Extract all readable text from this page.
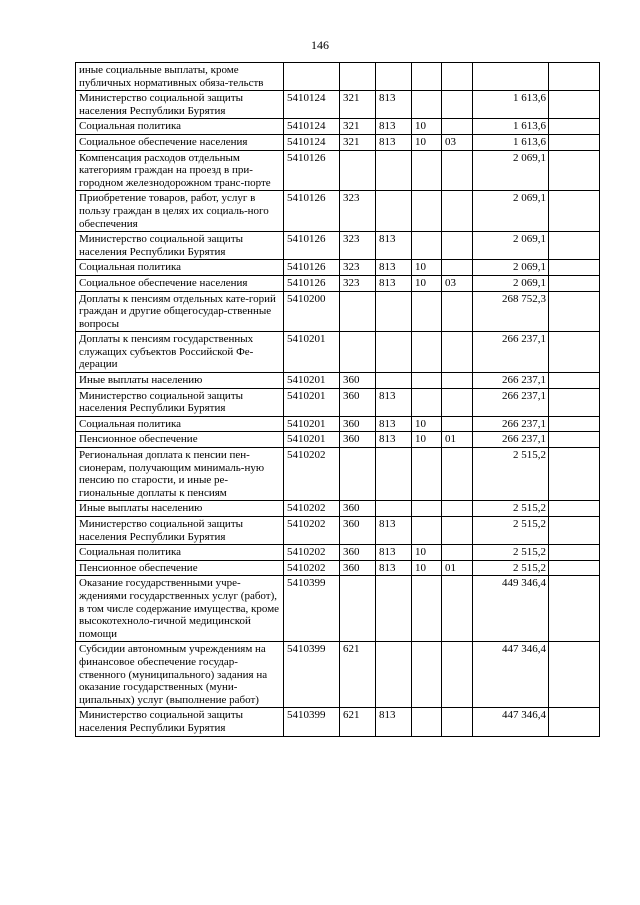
146
иные социальные выплаты, кроме публичных нормативных обяза-тельств							
Министерство социальной защиты населения Республики Бурятия	5410124	321	813			1 613,6	
Социальная политика	5410124	321	813	10		1 613,6	
Социальное обеспечение населения	5410124	321	813	10	03	1 613,6	
Компенсация расходов отдельным категориям граждан на проезд в при-городном железнодорожном транс-порте	5410126					2 069,1	
Приобретение товаров, работ, услуг в пользу граждан в целях их социаль-ного обеспечения	5410126	323				2 069,1	
Министерство социальной защиты населения Республики Бурятия	5410126	323	813			2 069,1	
Социальная политика	5410126	323	813	10		2 069,1	
Социальное обеспечение населения	5410126	323	813	10	03	2 069,1	
Доплаты к пенсиям отдельных кате-горий граждан и другие общегосудар-ственные вопросы	5410200					268 752,3	
Доплаты к пенсиям государственных служащих субъектов Российской Фе-дерации	5410201					266 237,1	
Иные выплаты населению	5410201	360				266 237,1	
Министерство социальной защиты населения Республики Бурятия	5410201	360	813			266 237,1	
Социальная политика	5410201	360	813	10		266 237,1	
Пенсионное обеспечение	5410201	360	813	10	01	266 237,1	
Региональная доплата к пенсии пен-сионерам, получающим минималь-ную пенсию по старости, и иные ре-гиональные доплаты к пенсиям	5410202					2 515,2	
Иные выплаты населению	5410202	360				2 515,2	
Министерство социальной защиты населения Республики Бурятия	5410202	360	813			2 515,2	
Социальная политика	5410202	360	813	10		2 515,2	
Пенсионное обеспечение	5410202	360	813	10	01	2 515,2	
Оказание государственными учре-ждениями государственных услуг (работ), в том числе содержание имущества, кроме высокотехноло-гичной медицинской помощи	5410399					449 346,4	
Субсидии автономным учреждениям на финансовое обеспечение государ-ственного (муниципального) задания на оказание государственных (муни-ципальных) услуг (выполнение работ)	5410399	621				447 346,4	
Министерство социальной защиты населения Республики Бурятия	5410399	621	813			447 346,4	
